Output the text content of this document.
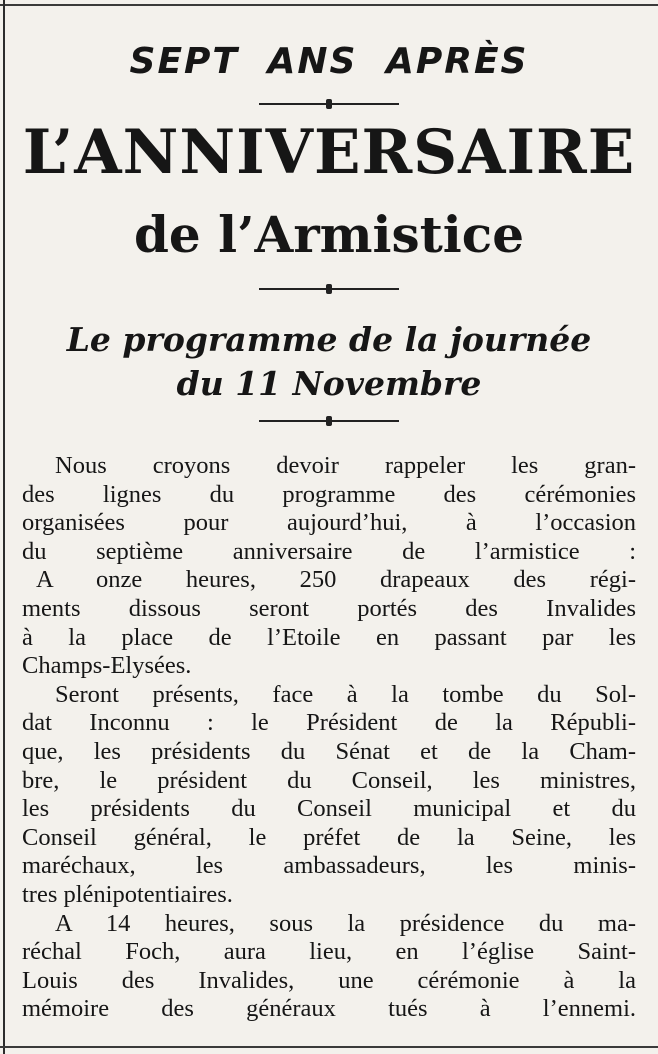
SEPT ANS APRÈS
L’ANNIVERSAIRE
de l’Armistice
Le programme de la journée
du 11 Novembre
Nous croyons devoir rappeler les gran-
des lignes du programme des cérémonies
organisées pour aujourd’hui, à l’occasion
du septième anniversaire de l’armistice :
A onze heures, 250 drapeaux des régi-
ments dissous seront portés des Invalides
à la place de l’Etoile en passant par les
Champs-Elysées.
Seront présents, face à la tombe du Sol-
dat Inconnu : le Président de la Républi-
que, les présidents du Sénat et de la Cham-
bre, le président du Conseil, les ministres,
les présidents du Conseil municipal et du
Conseil général, le préfet de la Seine, les
maréchaux, les ambassadeurs, les minis-
tres plénipotentiaires.
A 14 heures, sous la présidence du ma-
réchal Foch, aura lieu, en l’église Saint-
Louis des Invalides, une cérémonie à la
mémoire des généraux tués à l’ennemi.
